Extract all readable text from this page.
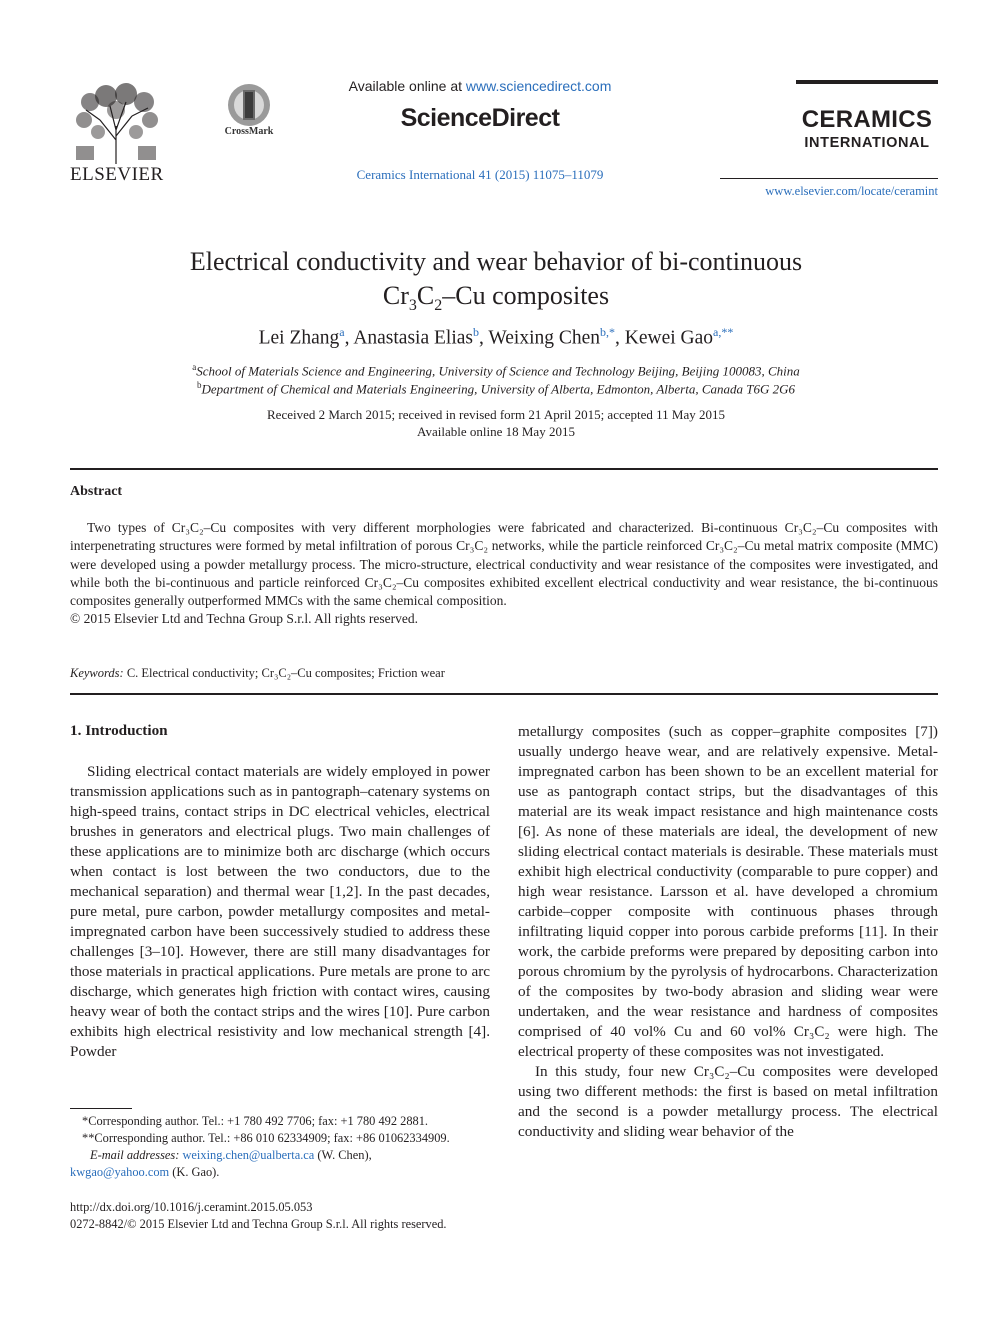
ELSEVIER
CrossMark
Available online at www.sciencedirect.com
ScienceDirect
Ceramics International 41 (2015) 11075–11079
CERAMICS
INTERNATIONAL
www.elsevier.com/locate/ceramint
Electrical conductivity and wear behavior of bi-continuous
$Cr_3C_2-Cu$ composites
Lei Zhang$^a$, Anastasia Elias$^b$, Weixing Chen$^{b,*}$, Kewei Gao$^{a,**}$
$^a$School of Materials Science and Engineering, University of Science and Technology Beijing, Beijing 100083, China
$^b$Department of Chemical and Materials Engineering, University of Alberta, Edmonton, Alberta, Canada T6G 2G6
Received 2 March 2015; received in revised form 21 April 2015; accepted 11 May 2015
Available online 18 May 2015
Abstract
Two types of Cr₃C₂–Cu composites with very different morphologies were fabricated and characterized. Bi-continuous Cr₃C₂–Cu composites with interpenetrating structures were formed by metal infiltration of porous Cr₃C₂ networks, while the particle reinforced Cr₃C₂–Cu metal matrix composite (MMC) were developed using a powder metallurgy process. The micro-structure, electrical conductivity and wear resistance of the composites were investigated, and while both the bi-continuous and particle reinforced Cr₃C₂–Cu composites exhibited excellent electrical conductivity and wear resistance, the bi-continuous composites generally outperformed MMCs with the same chemical composition.
© 2015 Elsevier Ltd and Techna Group S.r.l. All rights reserved.
Keywords: C. Electrical conductivity; Cr₃C₂–Cu composites; Friction wear
1. Introduction

Sliding electrical contact materials are widely employed in power transmission applications such as in pantograph–catenary systems on high-speed trains, contact strips in DC electrical vehicles, electrical brushes in generators and electrical plugs. Two main challenges of these applications are to minimize both arc discharge (which occurs when contact is lost between the two conductors, due to the mechanical separation) and thermal wear [1,2]. In the past decades, pure metal, pure carbon, powder metallurgy composites and metal-impregnated carbon have been successively studied to address these challenges [3–10]. However, there are still many disadvantages for those materials in practical applications. Pure metals are prone to arc discharge, which generates high friction with contact wires, causing heavy wear of both the contact strips and the wires [10]. Pure carbon exhibits high electrical resistivity and low mechanical strength [4]. Powder

metallurgy composites (such as copper–graphite composites [7]) usually undergo heave wear, and are relatively expensive. Metal-impregnated carbon has been shown to be an excellent material for use as pantograph contact strips, but the disadvantages of this material are its weak impact resistance and high maintenance costs [6]. As none of these materials are ideal, the development of new sliding electrical contact materials is desirable. These materials must exhibit high electrical conductivity (comparable to pure copper) and high wear resistance. Larsson et al. have developed a chromium carbide–copper composite with continuous phases through infiltrating liquid copper into porous carbide preforms [11]. In their work, the carbide preforms were prepared by depositing carbon into porous chromium by the pyrolysis of hydrocarbons. Characterization of the composites by two-body abrasion and sliding wear were undertaken, and the wear resistance and hardness of composites comprised of 40 vol% Cu and 60 vol% Cr₃C₂ were high. The electrical property of these composites was not investigated.

In this study, four new Cr₃C₂–Cu composites were developed using two different methods: the first is based on metal infiltration and the second is a powder metallurgy process. The electrical conductivity and sliding wear behavior of the

*Corresponding author. Tel.: +1 780 492 7706; fax: +1 780 492 2881.
**Corresponding author. Tel.: +86 010 62334909; fax: +86 01062334909.
E-mail addresses: weixing.chen@ualberta.ca (W. Chen),
kwgao@yahoo.com (K. Gao).
http://dx.doi.org/10.1016/j.ceramint.2015.05.053
0272-8842/© 2015 Elsevier Ltd and Techna Group S.r.l. All rights reserved.
